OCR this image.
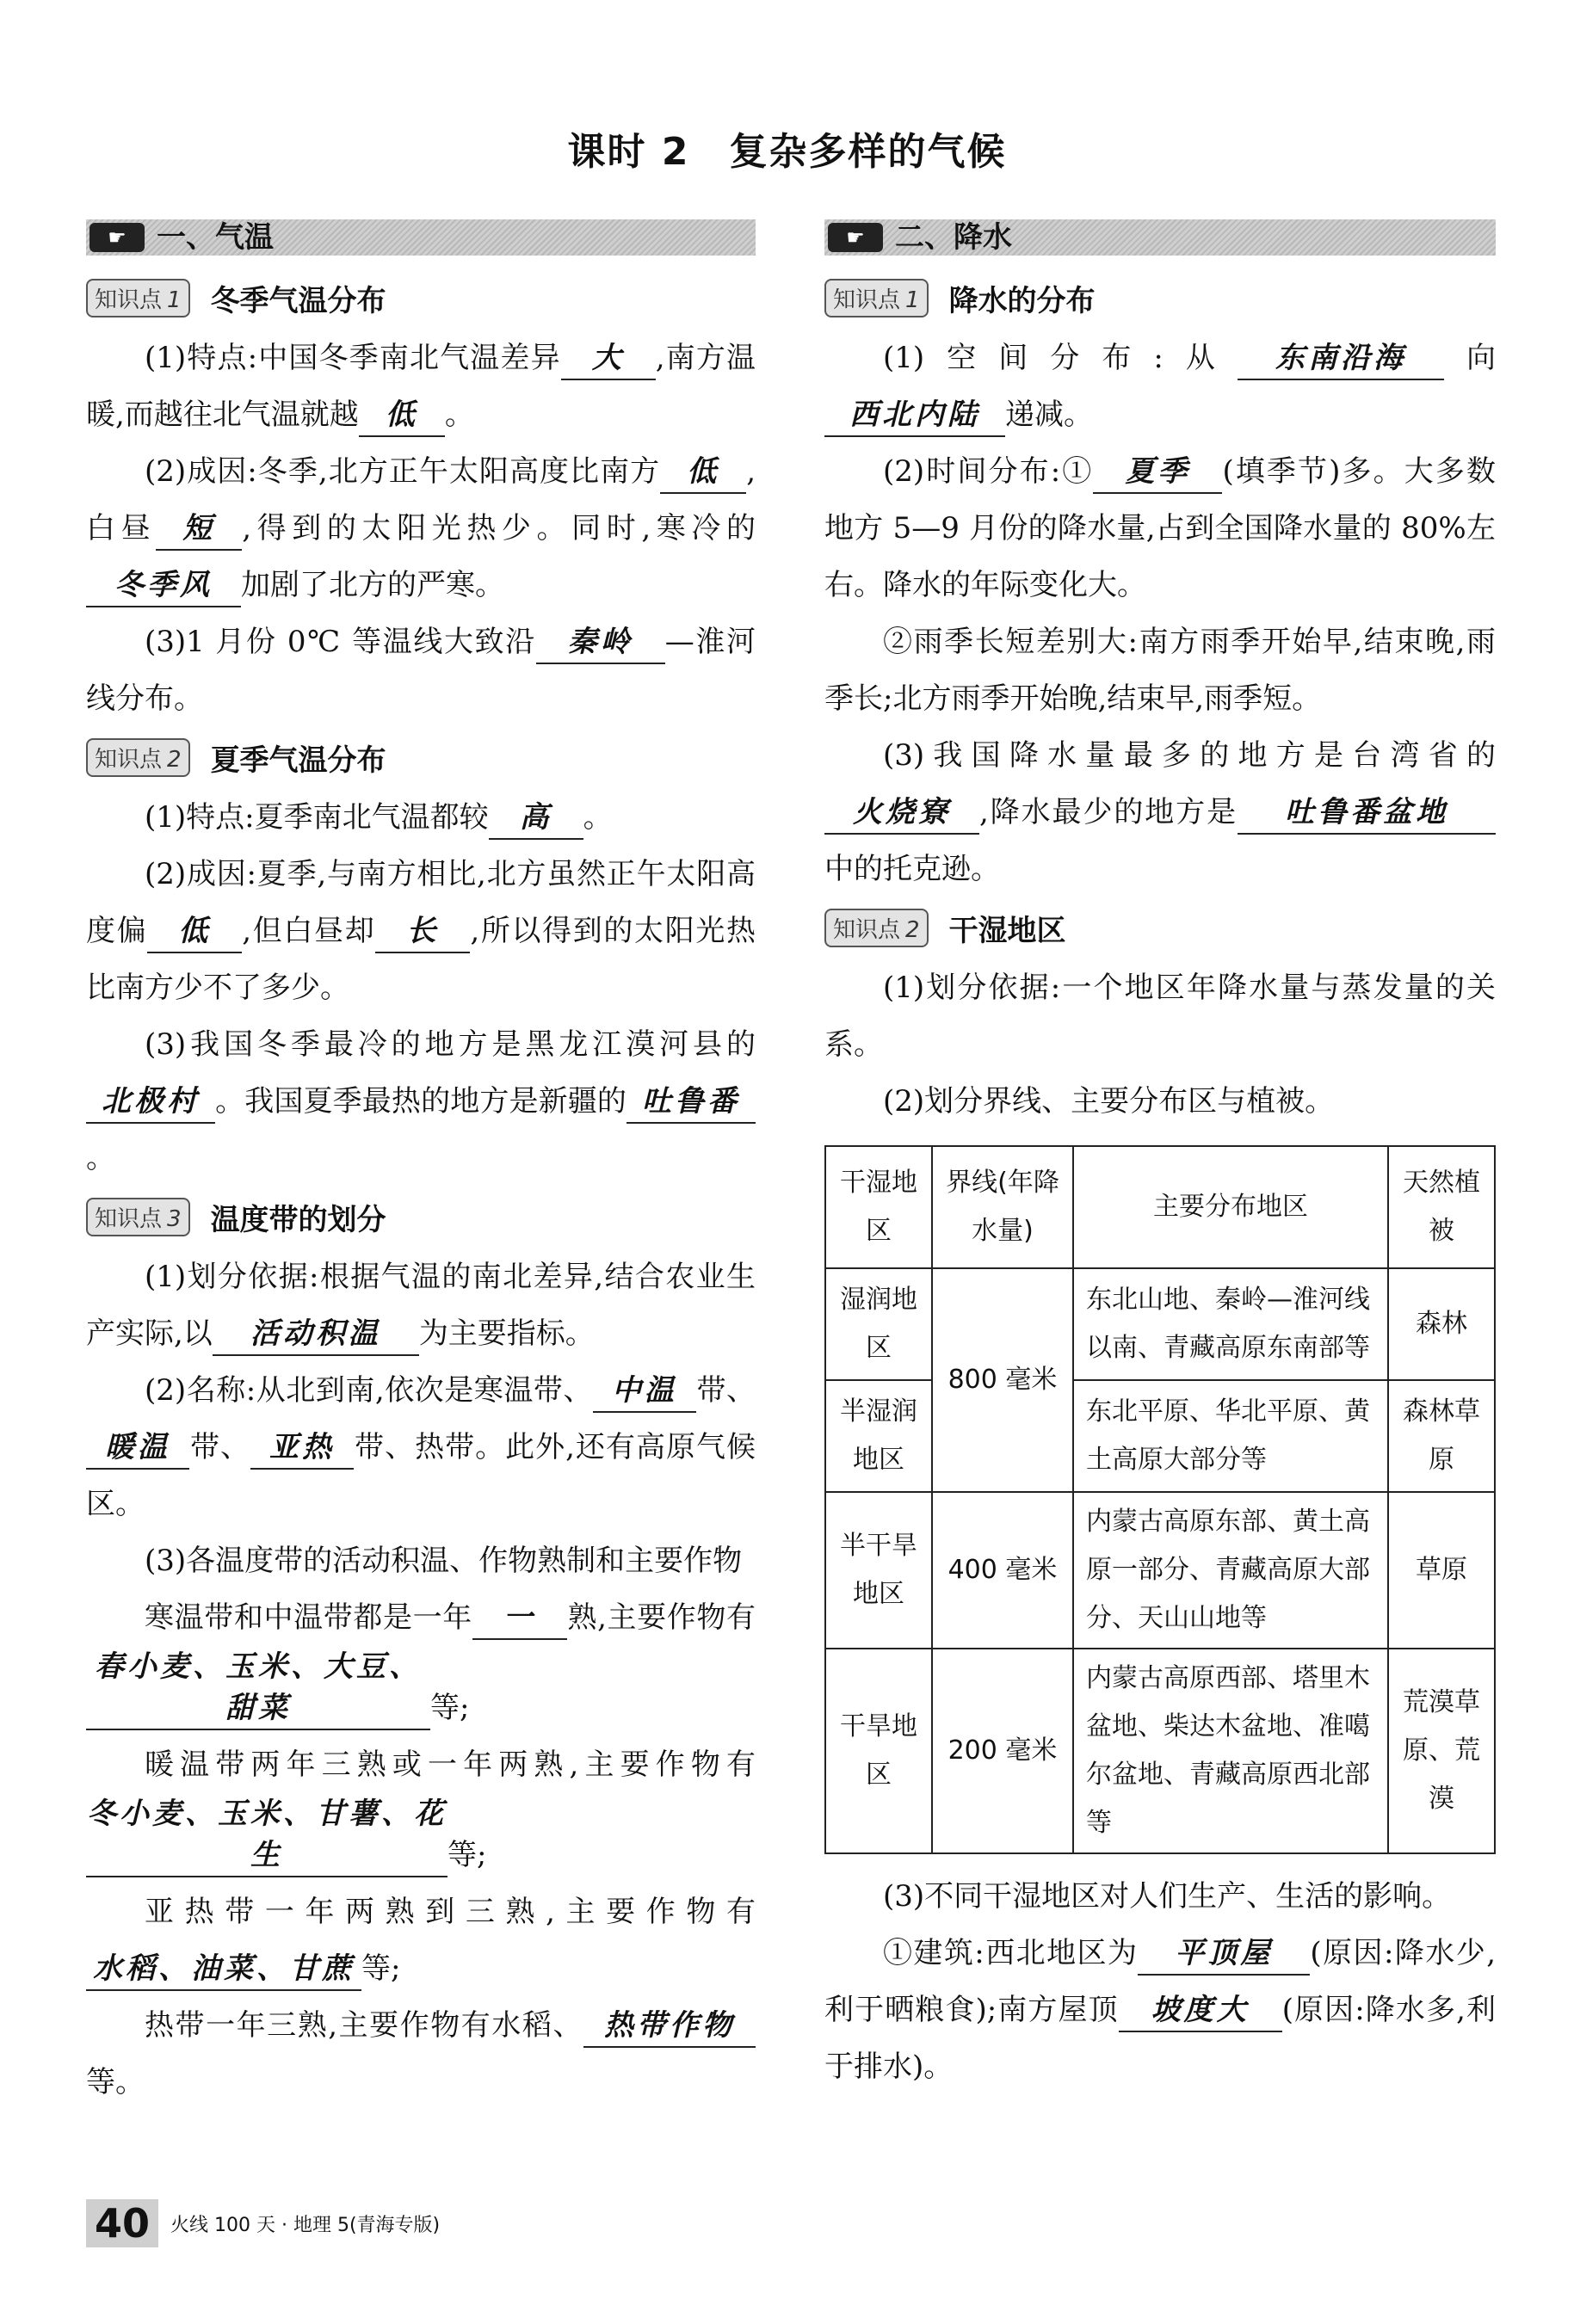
课时 2　复杂多样的气候
☛	一、气温
知识点 1 冬季气温分布

(1)特点:中国冬季南北气温差异 大 ,南方温暖,而越往北气温就越 低 。

(2)成因:冬季,北方正午太阳高度比南方 低 ,白昼 短 ,得到的太阳光热少。同时,寒冷的冬季风 加剧了北方的严寒。

(3)1 月份 0℃ 等温线大致沿 秦岭 —淮河线分布。

知识点 2 夏季气温分布

(1)特点:夏季南北气温都较 高 。

(2)成因:夏季,与南方相比,北方虽然正午太阳高度偏 低 ,但白昼却 长 ,所以得到的太阳光热比南方少不了多少。

(3)我国冬季最冷的地方是黑龙江漠河县的北极村 。我国夏季最热的地方是新疆的 吐鲁番。

知识点 3 温度带的划分

(1)划分依据:根据气温的南北差异,结合农业生产实际,以 活动积温 为主要指标。

(2)名称:从北到南,依次是寒温带、 中温 带、暖温 带、 亚热 带、热带。此外,还有高原气候区。

(3)各温度带的活动积温、作物熟制和主要作物

寒温带和中温带都是一年 一 熟,主要作物有春小麦、玉米、大豆、甜菜	等;

暖温带两年三熟或一年两熟,主要作物有冬小麦、玉米、甘薯、花生	等;

亚热带一年两熟到三熟,主要作物有水稻、油菜、甘蔗 等;

热带一年三熟,主要作物有水稻、 热带作物等。

☛	二、降水
知识点 1 降水的分布

(1)空间分布:从 东南沿海 向西北内陆 递减。

(2)时间分布:① 夏季 (填季节)多。大多数地方 5—9 月份的降水量,占到全国降水量的 80%左右。降水的年际变化大。

②雨季长短差别大:南方雨季开始早,结束晚,雨季长;北方雨季开始晚,结束早,雨季短。

(3)我国降水量最多的地方是台湾省的火烧寮 ,降水最少的地方是 吐鲁番盆地中的托克逊。

知识点 2 干湿地区

(1)划分依据:一个地区年降水量与蒸发量的关系。

(2)划分界线、主要分布区与植被。

干湿地区	界线(年降水量)	主要分布地区	天然植被
湿润地区	800 毫米	东北山地、秦岭—淮河线以南、青藏高原东南部等	森林
半湿润地区		东北平原、华北平原、黄土高原大部分等	森林草原
半干旱地区	400 毫米	内蒙古高原东部、黄土高原一部分、青藏高原大部分、天山山地等	草原
干旱地区	200 毫米	内蒙古高原西部、塔里木盆地、柴达木盆地、准噶尔盆地、青藏高原西北部等	荒漠草原、荒漠

(3)不同干湿地区对人们生产、生活的影响。

①建筑:西北地区为 平顶屋 (原因:降水少,利于晒粮食);南方屋顶 坡度大 (原因:降水多,利于排水)。

40	火线 100 天 · 地理 5(青海专版)
